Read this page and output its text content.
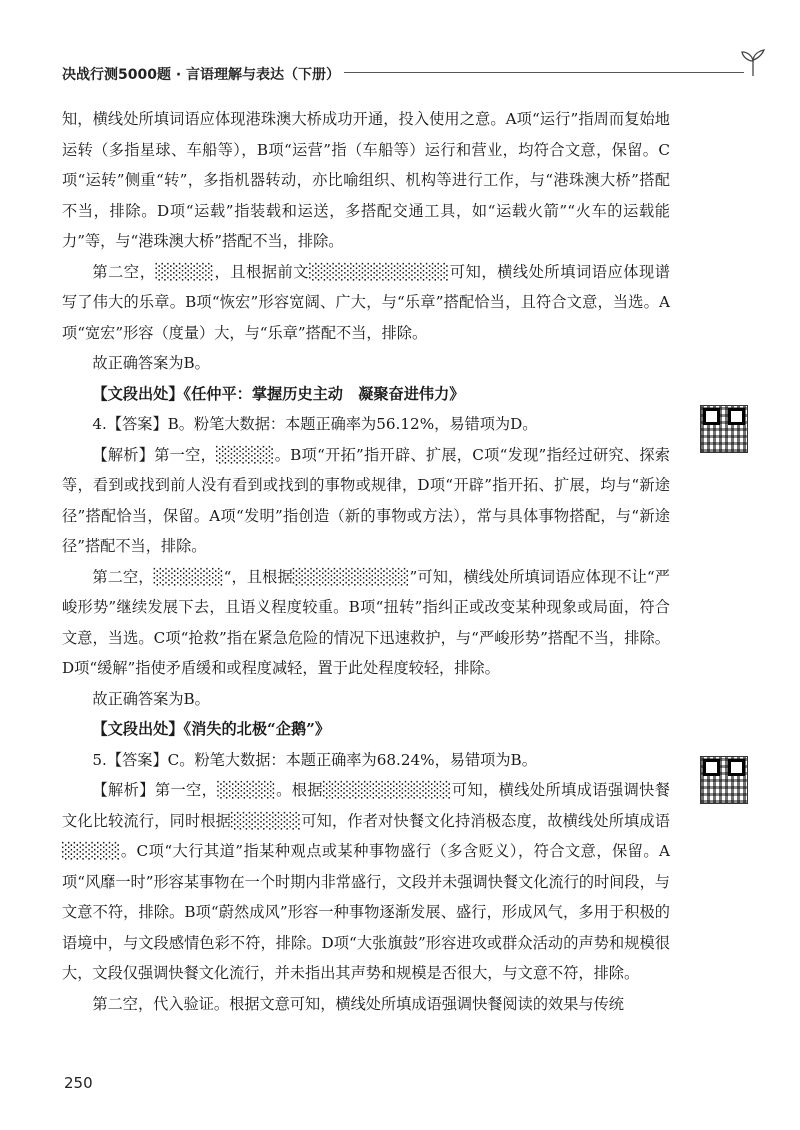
决战行测5000题 · 言语理解与表达（下册）

知，横线处所填词语应体现港珠澳大桥成功开通，投入使用之意。A项“运行”指周而复始地运转（多指星球、车船等），B项“运营”指（车船等）运行和营业，均符合文意，保留。C项“运转”侧重“转”，多指机器转动，亦比喻组织、机构等进行工作，与“港珠澳大桥”搭配不当，排除。D项“运载”指装载和运送，多搭配交通工具，如“运载火箭”“火车的运载能力”等，与“港珠澳大桥”搭配不当，排除。

第二空，░░░░░，且根据前文░░░░░░░░░░░░可知，横线处所填词语应体现谱写了伟大的乐章。B项“恢宏”形容宽阔、广大，与“乐章”搭配恰当，且符合文意，当选。A项“宽宏”形容（度量）大，与“乐章”搭配不当，排除。

故正确答案为B。

【文段出处】《任仲平：掌握历史主动　凝聚奋进伟力》

4.【答案】B。粉笔大数据：本题正确率为56.12%，易错项为D。

【解析】第一空，░░░░░。B项“开拓”指开辟、扩展，C项“发现”指经过研究、探索等，看到或找到前人没有看到或找到的事物或规律，D项“开辟”指开拓、扩展，均与“新途径”搭配恰当，保留。A项“发明”指创造（新的事物或方法），常与具体事物搭配，与“新途径”搭配不当，排除。

第二空，░░░░░░“，且根据░░░░░░░░░░”可知，横线处所填词语应体现不让“严峻形势”继续发展下去，且语义程度较重。B项“扭转”指纠正或改变某种现象或局面，符合文意，当选。C项“抢救”指在紧急危险的情况下迅速救护，与“严峻形势”搭配不当，排除。D项“缓解”指使矛盾缓和或程度减轻，置于此处程度较轻，排除。

故正确答案为B。

【文段出处】《消失的北极“企鹅”》

5.【答案】C。粉笔大数据：本题正确率为68.24%，易错项为B。

【解析】第一空，░░░░░。根据░░░░░░░░░░░可知，横线处所填成语强调快餐文化比较流行，同时根据░░░░░░可知，作者对快餐文化持消极态度，故横线处所填成语░░░░░。C项“大行其道”指某种观点或某种事物盛行（多含贬义），符合文意，保留。A项“风靡一时”形容某事物在一个时期内非常盛行，文段并未强调快餐文化流行的时间段，与文意不符，排除。B项“蔚然成风”形容一种事物逐渐发展、盛行，形成风气，多用于积极的语境中，与文段感情色彩不符，排除。D项“大张旗鼓”形容进攻或群众活动的声势和规模很大，文段仅强调快餐文化流行，并未指出其声势和规模是否很大，与文意不符，排除。

第二空，代入验证。根据文意可知，横线处所填成语强调快餐阅读的效果与传统

250
